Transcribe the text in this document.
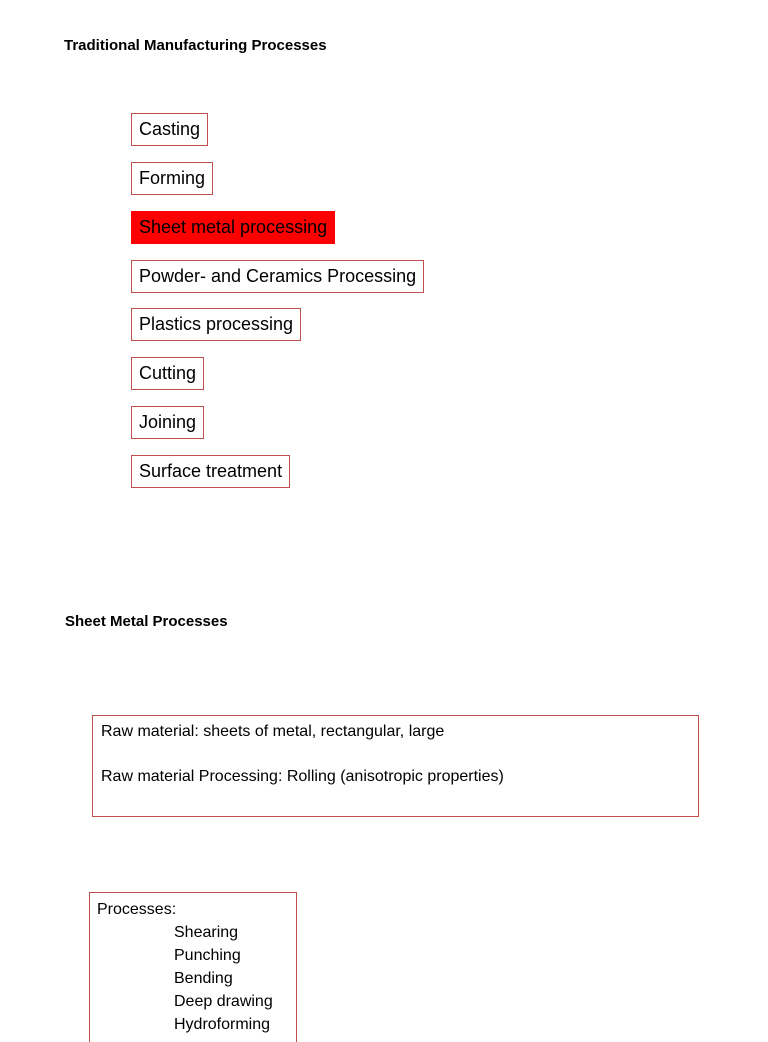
Traditional Manufacturing Processes
Casting
Forming
Sheet metal processing
Powder- and Ceramics Processing
Plastics processing
Cutting
Joining
Surface treatment
Sheet Metal Processes
Raw material: sheets of metal, rectangular, large
Raw material Processing: Rolling (anisotropic properties)
Processes:
Shearing
Punching
Bending
Deep drawing
Hydroforming
